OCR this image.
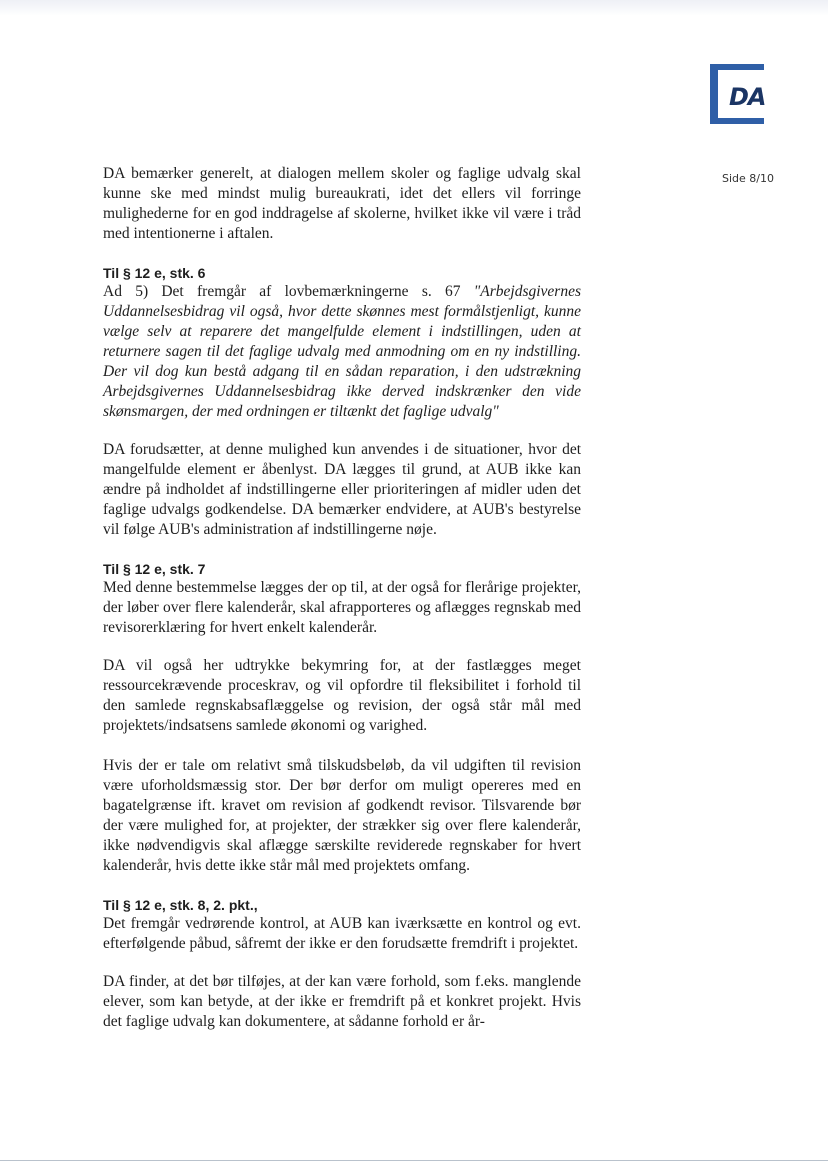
DA
Side 8/10

DA bemærker generelt, at dialogen mellem skoler og faglige udvalg skal kunne ske med mindst mulig bureaukrati, idet det ellers vil forringe mulighederne for en god inddragelse af skolerne, hvilket ikke vil være i tråd med intentionerne i aftalen.

Til § 12 e, stk. 6

Ad 5) Det fremgår af lovbemærkningerne s. 67 "Arbejdsgivernes Uddannelsesbidrag vil også, hvor dette skønnes mest formålstjenligt, kunne vælge selv at reparere det mangelfulde element i indstillingen, uden at returnere sagen til det faglige udvalg med anmodning om en ny indstilling. Der vil dog kun bestå adgang til en sådan reparation, i den udstrækning Arbejdsgivernes Uddannelsesbidrag ikke derved indskrænker den vide skønsmargen, der med ordningen er tiltænkt det faglige udvalg"

DA forudsætter, at denne mulighed kun anvendes i de situationer, hvor det mangelfulde element er åbenlyst. DA lægges til grund, at AUB ikke kan ændre på indholdet af indstillingerne eller prioriteringen af midler uden det faglige udvalgs godkendelse. DA bemærker endvidere, at AUB's bestyrelse vil følge AUB's administration af indstillingerne nøje.

Til § 12 e, stk. 7

Med denne bestemmelse lægges der op til, at der også for flerårige projekter, der løber over flere kalenderår, skal afrapporteres og aflægges regnskab med revisorerklæring for hvert enkelt kalenderår.

DA vil også her udtrykke bekymring for, at der fastlægges meget ressourcekrævende proceskrav, og vil opfordre til fleksibilitet i forhold til den samlede regnskabsaflæggelse og revision, der også står mål med projektets/indsatsens samlede økonomi og varighed.

Hvis der er tale om relativt små tilskudsbeløb, da vil udgiften til revision være uforholdsmæssig stor. Der bør derfor om muligt opereres med en bagatelgrænse ift. kravet om revision af godkendt revisor. Tilsvarende bør der være mulighed for, at projekter, der strækker sig over flere kalenderår, ikke nødvendigvis skal aflægge særskilte reviderede regnskaber for hvert kalenderår, hvis dette ikke står mål med projektets omfang.

Til § 12 e, stk. 8, 2. pkt.,

Det fremgår vedrørende kontrol, at AUB kan iværksætte en kontrol og evt. efterfølgende påbud, såfremt der ikke er den forudsætte fremdrift i projektet.

DA finder, at det bør tilføjes, at der kan være forhold, som f.eks. manglende elever, som kan betyde, at der ikke er fremdrift på et konkret projekt. Hvis det faglige udvalg kan dokumentere, at sådanne forhold er år-
